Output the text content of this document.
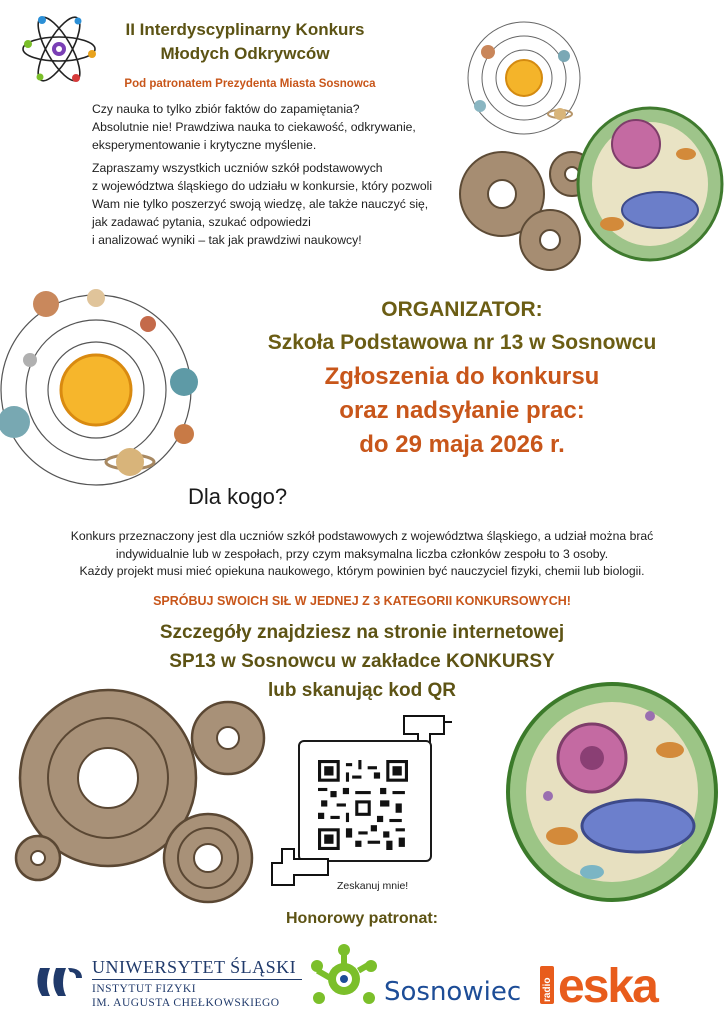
II Interdyscyplinarny Konkurs
Młodych Odkrywców
Pod patronatem Prezydenta Miasta Sosnowca

Czy nauka to tylko zbiór faktów do zapamiętania?
Absolutnie nie! Prawdziwa nauka to ciekawość, odkrywanie,
eksperymentowanie i krytyczne myślenie.

Zapraszamy wszystkich uczniów szkół podstawowych
z województwa śląskiego do udziału w konkursie, który pozwoli
Wam nie tylko poszerzyć swoją wiedzę, ale także nauczyć się,
jak zadawać pytania, szukać odpowiedzi
i analizować wyniki – tak jak prawdziwi naukowcy!

ORGANIZATOR:
Szkoła Podstawowa nr 13 w Sosnowcu
Zgłoszenia do konkursu
oraz nadsyłanie prac:
do 29 maja 2026 r.
Dla kogo?
Konkurs przeznaczony jest dla uczniów szkół podstawowych z województwa śląskiego, a udział można brać
indywidualnie lub w zespołach, przy czym maksymalna liczba członków zespołu to 3 osoby.
Każdy projekt musi mieć opiekuna naukowego, którym powinien być nauczyciel fizyki, chemii lub biologii.
SPRÓBUJ SWOICH SIŁ W JEDNEJ Z 3 KATEGORII KONKURSOWYCH!
Szczegóły znajdziesz na stronie internetowej
SP13 w Sosnowcu w zakładce KONKURSY
lub skanując kod QR
Zeskanuj mnie!
Honorowy patronat:
UNIWERSYTET ŚLĄSKI
INSTYTUT FIZYKI
IM. AUGUSTA CHEŁKOWSKIEGO	Sosnowiec radio eska
